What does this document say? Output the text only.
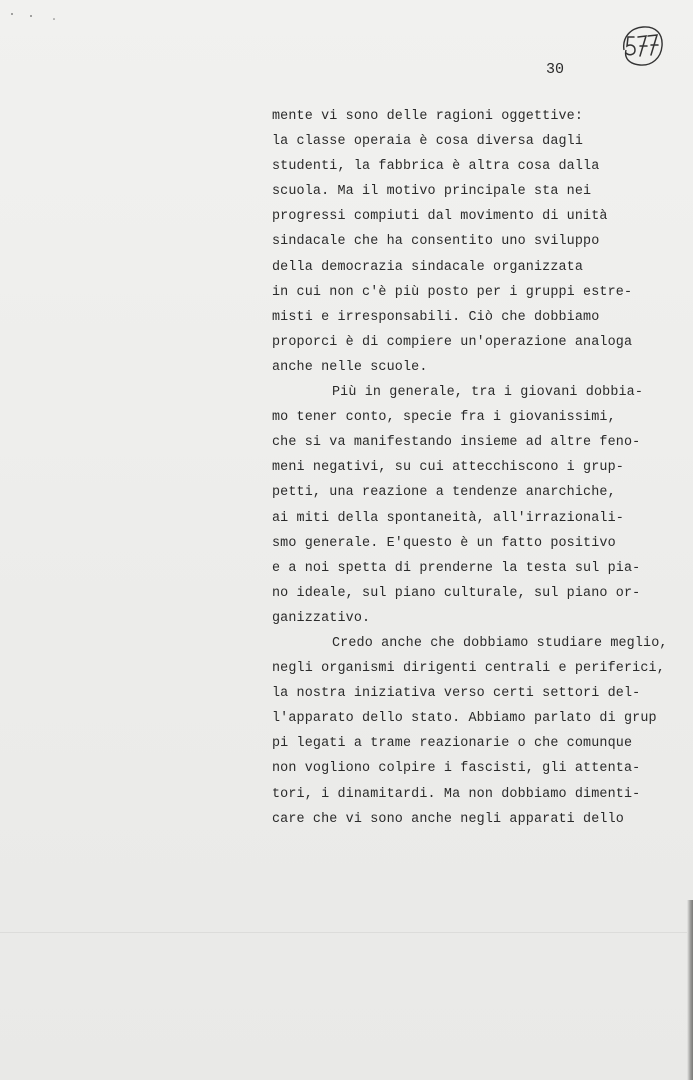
30
mente vi sono delle ragioni oggettive:
la classe operaia è cosa diversa dagli
studenti, la fabbrica è altra cosa dalla
scuola. Ma il motivo principale sta nei
progressi compiuti dal movimento di unità
sindacale che ha consentito uno sviluppo
della democrazia sindacale organizzata
in cui non c'è più posto per i gruppi estre-
misti e irresponsabili. Ciò che dobbiamo
proporci è di compiere un'operazione analoga
anche nelle scuole.
Più in generale, tra i giovani dobbia-
mo tener conto, specie fra i giovanissimi,
che si va manifestando insieme ad altre feno-
meni negativi, su cui attecchiscono i grup-
petti, una reazione a tendenze anarchiche,
ai miti della spontaneità, all'irrazionali-
smo generale. E'questo è un fatto positivo
e a noi spetta di prenderne la testa sul pia-
no ideale, sul piano culturale, sul piano or-
ganizzativo.
Credo anche che dobbiamo studiare meglio,
negli organismi dirigenti centrali e periferici,
la nostra iniziativa verso certi settori del-
l'apparato dello stato. Abbiamo parlato di grup
pi legati a trame reazionarie o che comunque
non vogliono colpire i fascisti, gli attenta-
tori, i dinamitardi. Ma non dobbiamo dimenti-
care che vi sono anche negli apparati dello
